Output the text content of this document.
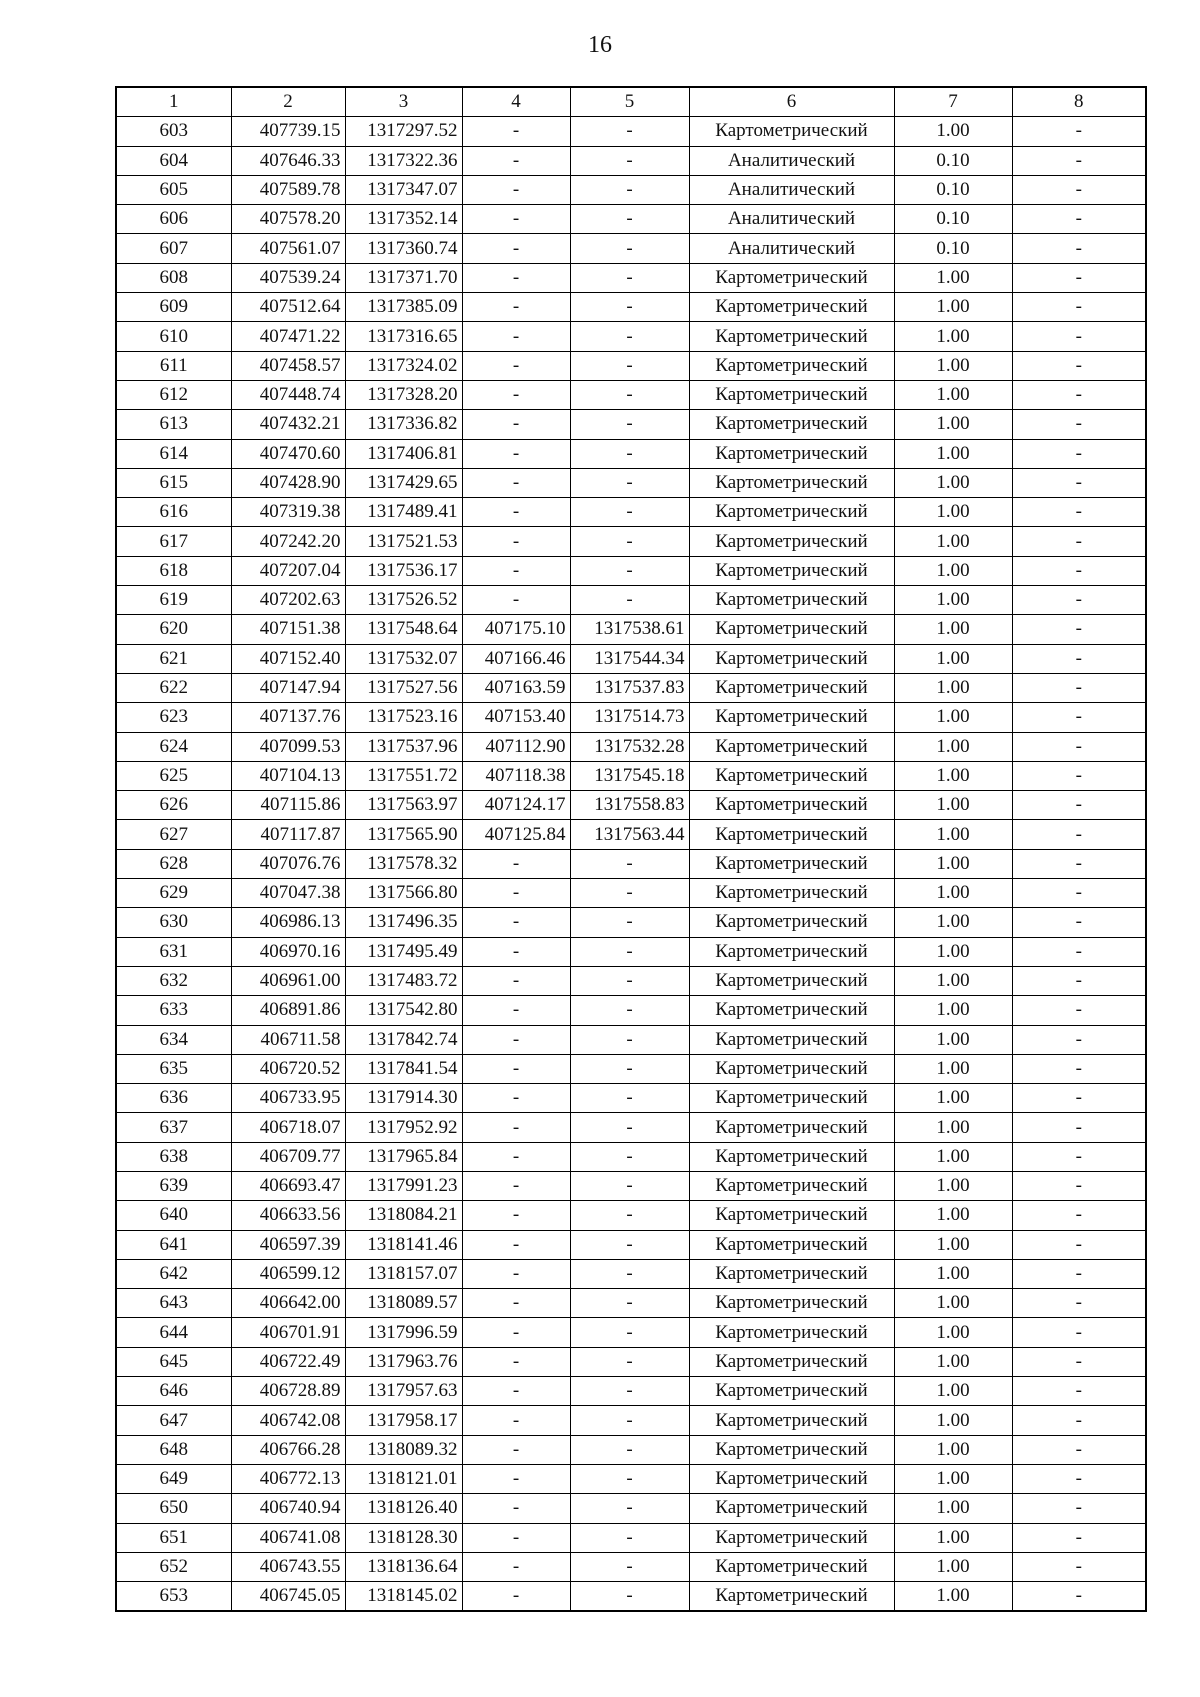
16
1	2	3	4	5	6	7	8
603	407739.15	1317297.52	-	-	Картометрический	1.00	-
604	407646.33	1317322.36	-	-	Аналитический	0.10	-
605	407589.78	1317347.07	-	-	Аналитический	0.10	-
606	407578.20	1317352.14	-	-	Аналитический	0.10	-
607	407561.07	1317360.74	-	-	Аналитический	0.10	-
608	407539.24	1317371.70	-	-	Картометрический	1.00	-
609	407512.64	1317385.09	-	-	Картометрический	1.00	-
610	407471.22	1317316.65	-	-	Картометрический	1.00	-
611	407458.57	1317324.02	-	-	Картометрический	1.00	-
612	407448.74	1317328.20	-	-	Картометрический	1.00	-
613	407432.21	1317336.82	-	-	Картометрический	1.00	-
614	407470.60	1317406.81	-	-	Картометрический	1.00	-
615	407428.90	1317429.65	-	-	Картометрический	1.00	-
616	407319.38	1317489.41	-	-	Картометрический	1.00	-
617	407242.20	1317521.53	-	-	Картометрический	1.00	-
618	407207.04	1317536.17	-	-	Картометрический	1.00	-
619	407202.63	1317526.52	-	-	Картометрический	1.00	-
620	407151.38	1317548.64	407175.10	1317538.61	Картометрический	1.00	-
621	407152.40	1317532.07	407166.46	1317544.34	Картометрический	1.00	-
622	407147.94	1317527.56	407163.59	1317537.83	Картометрический	1.00	-
623	407137.76	1317523.16	407153.40	1317514.73	Картометрический	1.00	-
624	407099.53	1317537.96	407112.90	1317532.28	Картометрический	1.00	-
625	407104.13	1317551.72	407118.38	1317545.18	Картометрический	1.00	-
626	407115.86	1317563.97	407124.17	1317558.83	Картометрический	1.00	-
627	407117.87	1317565.90	407125.84	1317563.44	Картометрический	1.00	-
628	407076.76	1317578.32	-	-	Картометрический	1.00	-
629	407047.38	1317566.80	-	-	Картометрический	1.00	-
630	406986.13	1317496.35	-	-	Картометрический	1.00	-
631	406970.16	1317495.49	-	-	Картометрический	1.00	-
632	406961.00	1317483.72	-	-	Картометрический	1.00	-
633	406891.86	1317542.80	-	-	Картометрический	1.00	-
634	406711.58	1317842.74	-	-	Картометрический	1.00	-
635	406720.52	1317841.54	-	-	Картометрический	1.00	-
636	406733.95	1317914.30	-	-	Картометрический	1.00	-
637	406718.07	1317952.92	-	-	Картометрический	1.00	-
638	406709.77	1317965.84	-	-	Картометрический	1.00	-
639	406693.47	1317991.23	-	-	Картометрический	1.00	-
640	406633.56	1318084.21	-	-	Картометрический	1.00	-
641	406597.39	1318141.46	-	-	Картометрический	1.00	-
642	406599.12	1318157.07	-	-	Картометрический	1.00	-
643	406642.00	1318089.57	-	-	Картометрический	1.00	-
644	406701.91	1317996.59	-	-	Картометрический	1.00	-
645	406722.49	1317963.76	-	-	Картометрический	1.00	-
646	406728.89	1317957.63	-	-	Картометрический	1.00	-
647	406742.08	1317958.17	-	-	Картометрический	1.00	-
648	406766.28	1318089.32	-	-	Картометрический	1.00	-
649	406772.13	1318121.01	-	-	Картометрический	1.00	-
650	406740.94	1318126.40	-	-	Картометрический	1.00	-
651	406741.08	1318128.30	-	-	Картометрический	1.00	-
652	406743.55	1318136.64	-	-	Картометрический	1.00	-
653	406745.05	1318145.02	-	-	Картометрический	1.00	-
